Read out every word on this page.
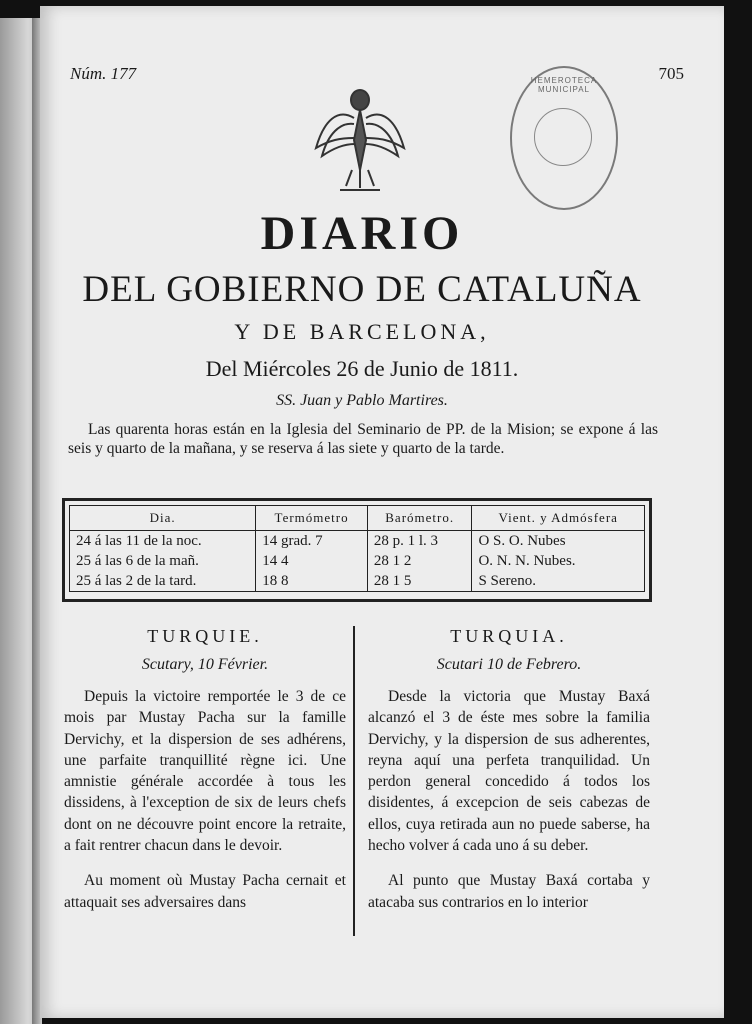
Núm. 177	705
HEMEROTECA MUNICIPAL
DIARIO
DEL GOBIERNO DE CATALUÑA
Y DE BARCELONA,
Del Miércoles 26 de Junio de 1811.
SS. Juan y Pablo Martires.
Las quarenta horas están en la Iglesia del Seminario de PP. de la Mision; se expone á las seis y quarto de la mañana, y se reserva á las siete y quarto de la tarde.
Dia.	Termómetro	Barómetro.	Vient. y Admósfera
24 á las 11 de la noc.	14 grad. 7	28 p. 1 l. 3	O S. O. Nubes
25 á las 6 de la mañ.	14 4	28 1 2	O. N. N. Nubes.
25 á las 2 de la tard.	18 8	28 1 5	S Sereno.
TURQUIE.
Scutary, 10 Février.

Depuis la victoire remportée le 3 de ce mois par Mustay Pacha sur la famille Dervichy, et la dispersion de ses adhérens, une parfaite tranquillité règne ici. Une amnistie générale accordée à tous les dissidens, à l'exception de six de leurs chefs dont on ne découvre point encore la retraite, a fait rentrer chacun dans le devoir.

Au moment où Mustay Pacha cernait et attaquait ses adversaires dans

TURQUIA.
Scutari 10 de Febrero.

Desde la victoria que Mustay Baxá alcanzó el 3 de éste mes sobre la familia Dervichy, y la dispersion de sus adherentes, reyna aquí una perfeta tranquilidad. Un perdon general concedido á todos los disidentes, á excepcion de seis cabezas de ellos, cuya retirada aun no puede saberse, ha hecho volver á cada uno á su deber.

Al punto que Mustay Baxá cortaba y atacaba sus contrarios en lo interior
